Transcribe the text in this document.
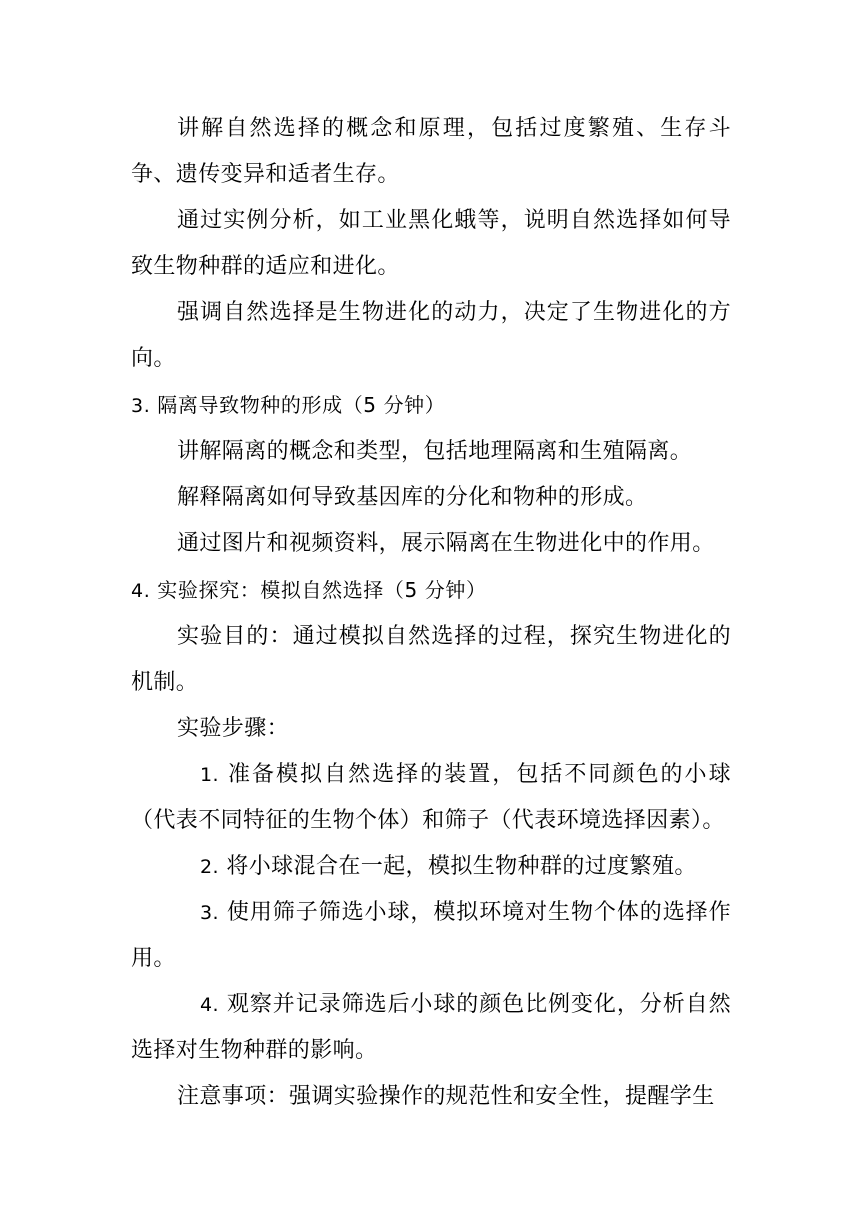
讲解自然选择的概念和原理，包括过度繁殖、生存斗争、遗传变异和适者生存。

通过实例分析，如工业黑化蛾等，说明自然选择如何导致生物种群的适应和进化。

强调自然选择是生物进化的动力，决定了生物进化的方向。

3. 隔离导致物种的形成（5 分钟）

讲解隔离的概念和类型，包括地理隔离和生殖隔离。

解释隔离如何导致基因库的分化和物种的形成。

通过图片和视频资料，展示隔离在生物进化中的作用。

4. 实验探究：模拟自然选择（5 分钟）

实验目的：通过模拟自然选择的过程，探究生物进化的机制。

实验步骤：

1. 准备模拟自然选择的装置，包括不同颜色的小球（代表不同特征的生物个体）和筛子（代表环境选择因素）。

2. 将小球混合在一起，模拟生物种群的过度繁殖。

3. 使用筛子筛选小球，模拟环境对生物个体的选择作用。

4. 观察并记录筛选后小球的颜色比例变化，分析自然选择对生物种群的影响。

注意事项：强调实验操作的规范性和安全性，提醒学生
